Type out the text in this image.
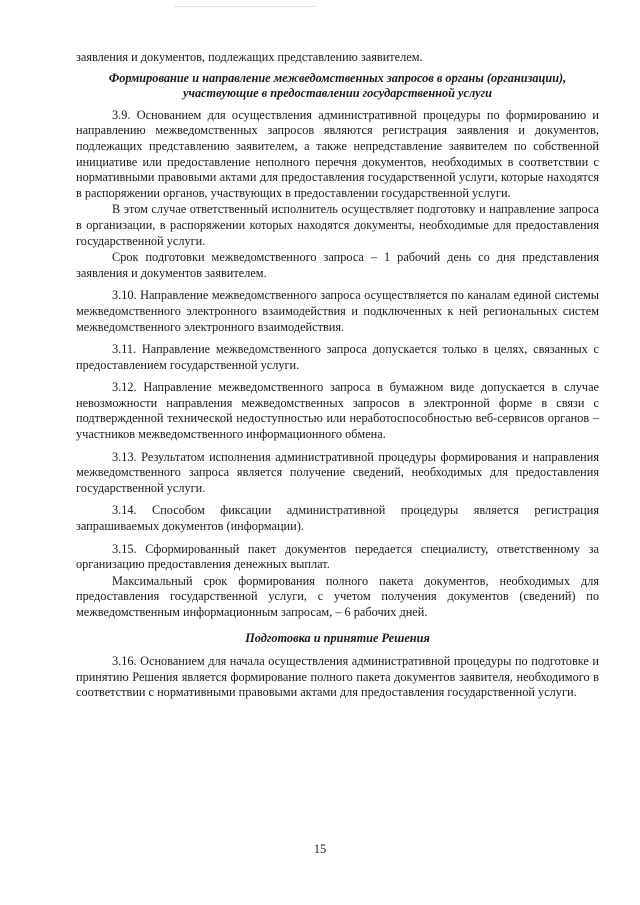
заявления и документов, подлежащих представлению заявителем.

Формирование и направление межведомственных запросов в органы (организации), участвующие в предоставлении государственной услуги

3.9. Основанием для осуществления административной процедуры по формированию и направлению межведомственных запросов являются регистрация заявления и документов, подлежащих представлению заявителем, а также непредставление заявителем по собственной инициативе или предоставление неполного перечня документов, необходимых в соответствии с нормативными правовыми актами для предоставления государственной услуги, которые находятся в распоряжении органов, участвующих в предоставлении государственной услуги.

В этом случае ответственный исполнитель осуществляет подготовку и направление запроса в организации, в распоряжении которых находятся документы, необходимые для предоставления государственной услуги.

Срок подготовки межведомственного запроса – 1 рабочий день со дня представления заявления и документов заявителем.

3.10. Направление межведомственного запроса осуществляется по каналам единой системы межведомственного электронного взаимодействия и подключенных к ней региональных систем межведомственного электронного взаимодействия.

3.11. Направление межведомственного запроса допускается только в целях, связанных с предоставлением государственной услуги.

3.12. Направление межведомственного запроса в бумажном виде допускается в случае невозможности направления межведомственных запросов в электронной форме в связи с подтвержденной технической недоступностью или неработоспособностью веб-сервисов органов – участников межведомственного информационного обмена.

3.13. Результатом исполнения административной процедуры формирования и направления межведомственного запроса является получение сведений, необходимых для предоставления государственной услуги.

3.14. Способом фиксации административной процедуры является регистрация запрашиваемых документов (информации).

3.15. Сформированный пакет документов передается специалисту, ответственному за организацию предоставления денежных выплат.

Максимальный срок формирования полного пакета документов, необходимых для предоставления государственной услуги, с учетом получения документов (сведений) по межведомственным информационным запросам, – 6 рабочих дней.

Подготовка и принятие Решения

3.16. Основанием для начала осуществления административной процедуры по подготовке и принятию Решения является формирование полного пакета документов заявителя, необходимого в соответствии с нормативными правовыми актами для предоставления государственной услуги.

15
